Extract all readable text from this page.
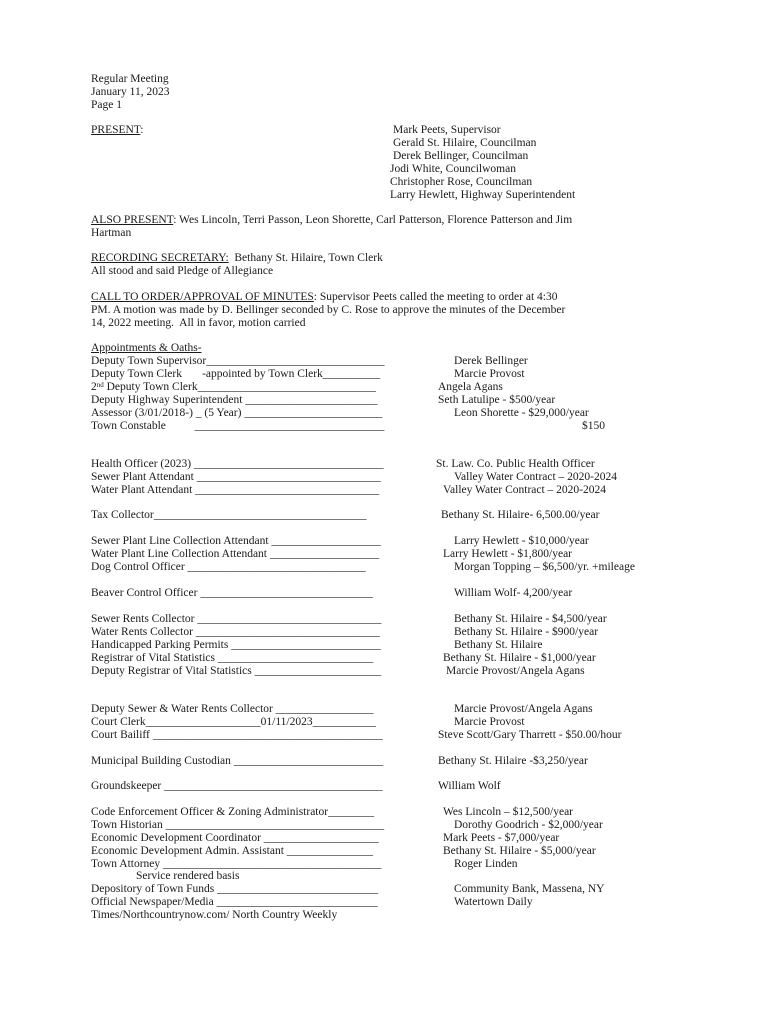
Regular Meeting
January 11, 2023
Page 1
PRESENT:	Mark Peets, Supervisor
Gerald St. Hilaire, Councilman
Derek Bellinger, Councilman
Jodi White, Councilwoman
Christopher Rose, Councilman
Larry Hewlett, Highway Superintendent
ALSO PRESENT: Wes Lincoln, Terri Passon, Leon Shorette, Carl Patterson, Florence Patterson and Jim
Hartman
RECORDING SECRETARY:  Bethany St. Hilaire, Town Clerk
All stood and said Pledge of Allegiance
CALL TO ORDER/APPROVAL OF MINUTES: Supervisor Peets called the meeting to order at 4:30
PM. A motion was made by D. Bellinger seconded by C. Rose to approve the minutes of the December
14, 2022 meeting.  All in favor, motion carried
Appointments & Oaths-
Deputy Town Supervisor_______________________________	Derek Bellinger
Deputy Town Clerk       -appointed by Town Clerk__________	Marcie Provost
2nd Deputy Town Clerk_______________________________	Angela Agans
Deputy Highway Superintendent _______________________	Seth Latulipe - $500/year
Assessor (3/01/2018-) _ (5 Year) ________________________	Leon Shorette - $29,000/year
Town Constable          _________________________________	$150
Health Officer (2023) _________________________________	St. Law. Co. Public Health Officer
Sewer Plant Attendant ________________________________	Valley Water Contract – 2020-2024
Water Plant Attendant ________________________________	Valley Water Contract – 2020-2024
Tax Collector_____________________________________	Bethany St. Hilaire- 6,500.00/year
Sewer Plant Line Collection Attendant ___________________	Larry Hewlett - $10,000/year
Water Plant Line Collection Attendant ___________________	Larry Hewlett - $1,800/year
Dog Control Officer _______________________________	Morgan Topping – $6,500/yr. +mileage
Beaver Control Officer ______________________________	William Wolf- 4,200/year
Sewer Rents Collector ________________________________	Bethany St. Hilaire - $4,500/year
Water Rents Collector ________________________________	Bethany St. Hilaire - $900/year
Handicapped Parking Permits __________________________	Bethany St. Hilaire
Registrar of Vital Statistics ___________________________	Bethany St. Hilaire - $1,000/year
Deputy Registrar of Vital Statistics ______________________	Marcie Provost/Angela Agans
Deputy Sewer & Water Rents Collector _________________	Marcie Provost/Angela Agans
Court Clerk____________________01/11/2023___________	Marcie Provost
Court Bailiff ________________________________________	Steve Scott/Gary Tharrett - $50.00/hour
Municipal Building Custodian __________________________	Bethany St. Hilaire -$3,250/year
Groundskeeper ______________________________________	William Wolf
Code Enforcement Officer & Zoning Administrator________	Wes Lincoln – $12,500/year
Town Historian ______________________________________	Dorothy Goodrich - $2,000/year
Economic Development Coordinator ____________________	Mark Peets - $7,000/year
Economic Development Admin. Assistant _______________	Bethany St. Hilaire - $5,000/year
Town Attorney ______________________________________	Roger Linden
Service rendered basis
Depository of Town Funds ____________________________	Community Bank, Massena, NY
Official Newspaper/Media ____________________________	Watertown Daily
Times/Northcountrynow.com/ North Country Weekly
